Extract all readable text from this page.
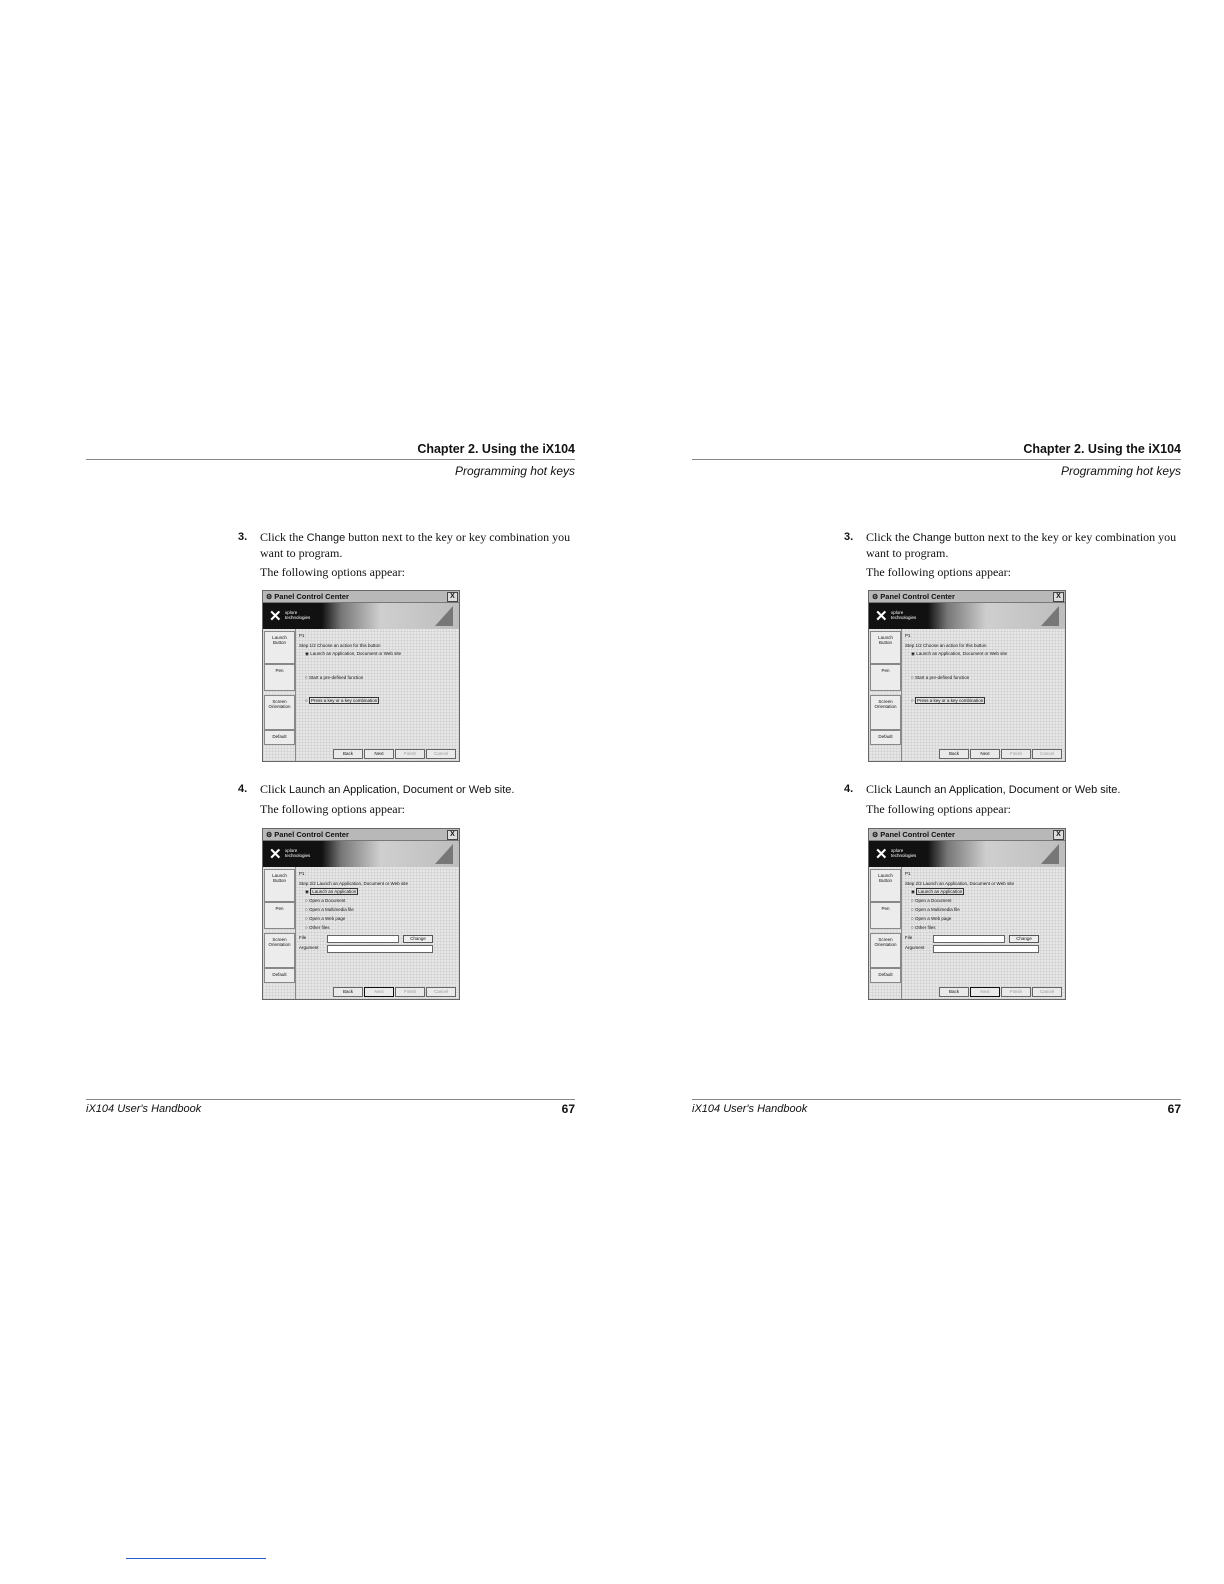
Chapter 2. Using the iX104
Programming hot keys
3. Click the Change button next to the key or key combination you want to program.
The following options appear:
⚙ Panel Control Center	X
✕ xplore
technologies
Launch Button
Pen
Screen Orientation
Default
P1
Step 1/2 Choose an action for this button
◉ Launch an Application, Document or Web site
○ Start a pre-defined function
○ Press a key or a key combination
Back	Next	Finish	Cancel
4. Click Launch an Application, Document or Web site.
The following options appear:
⚙ Panel Control Center	X
✕ xplore
technologies
Launch Button
Pen
Screen Orientation
Default
P1
Step 2/2 Launch an Application, Document or Web site
◉ Launch an Application
○ Open a Document
○ Open a Multimedia file
○ Open a Web page
○ Other files
File	Change
Argument
Back	Next	Finish	Cancel
iX104 User's Handbook	67
Chapter 2. Using the iX104
Programming hot keys
3. Click the Change button next to the key or key combination you want to program.
The following options appear:
⚙ Panel Control Center	X
✕ xplore
technologies
Launch Button
Pen
Screen Orientation
Default
P1
Step 1/2 Choose an action for this button
◉ Launch an Application, Document or Web site
○ Start a pre-defined function
○ Press a key or a key combination
Back	Next	Finish	Cancel
4. Click Launch an Application, Document or Web site.
The following options appear:
⚙ Panel Control Center	X
✕ xplore
technologies
Launch Button
Pen
Screen Orientation
Default
P1
Step 2/2 Launch an Application, Document or Web site
◉ Launch an Application
○ Open a Document
○ Open a Multimedia file
○ Open a Web page
○ Other files
File	Change
Argument
Back	Next	Finish	Cancel
iX104 User's Handbook	67
